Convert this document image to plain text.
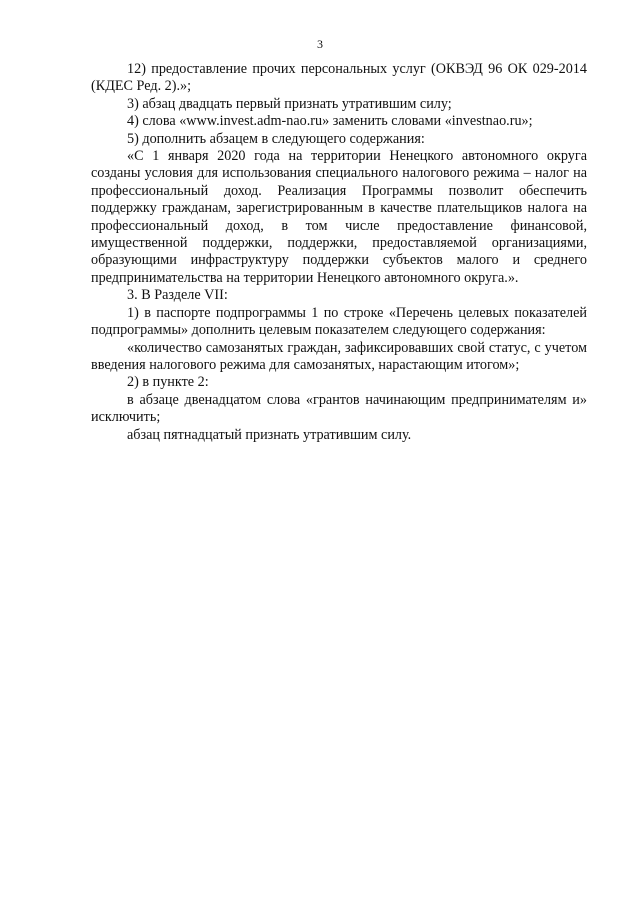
3

12) предоставление прочих персональных услуг (ОКВЭД 96 ОК 029-2014 (КДЕС Ред. 2).»;

3) абзац двадцать первый признать утратившим силу;

4) слова «www.invest.adm-nao.ru» заменить словами «investnao.ru»;

5) дополнить абзацем в следующего содержания:

«С 1 января 2020 года на территории Ненецкого автономного округа созданы условия для использования специального налогового режима – налог на профессиональный доход. Реализация Программы позволит обеспечить поддержку гражданам, зарегистрированным в качестве плательщиков налога на профессиональный доход, в том числе предоставление финансовой, имущественной поддержки, поддержки, предоставляемой организациями, образующими инфраструктуру поддержки субъектов малого и среднего предпринимательства на территории Ненецкого автономного округа.».

3. В Разделе VII:

1) в паспорте подпрограммы 1 по строке «Перечень целевых показателей подпрограммы» дополнить целевым показателем следующего содержания:

«количество самозанятых граждан, зафиксировавших свой статус, с учетом введения налогового режима для самозанятых, нарастающим итогом»;

2) в пункте 2:

в абзаце двенадцатом слова «грантов начинающим предпринимателям и» исключить;

абзац пятнадцатый признать утратившим силу.
